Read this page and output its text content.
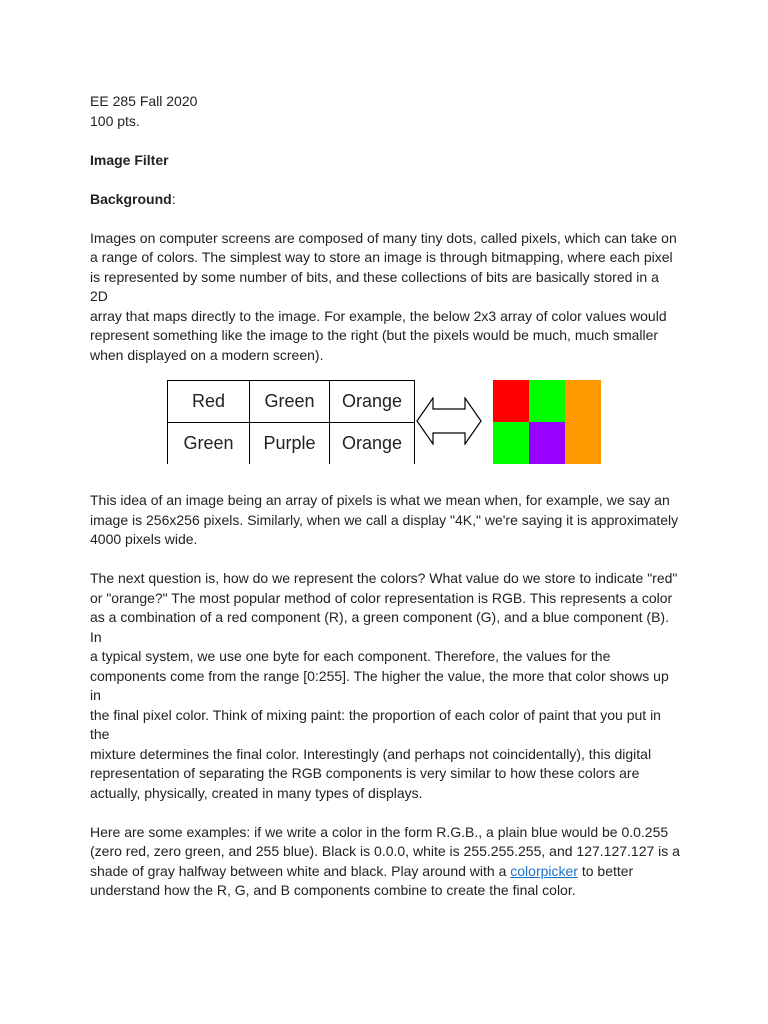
EE 285 Fall 2020
100 pts.
Image Filter
Background:

Images on computer screens are composed of many tiny dots, called pixels, which can take on
a range of colors. The simplest way to store an image is through bitmapping, where each pixel
is represented by some number of bits, and these collections of bits are basically stored in a 2D
array that maps directly to the image. For example, the below 2x3 array of color values would
represent something like the image to the right (but the pixels would be much, much smaller
when displayed on a modern screen).

Red	Green	Orange
Green	Purple	Orange

This idea of an image being an array of pixels is what we mean when, for example, we say an
image is 256x256 pixels. Similarly, when we call a display "4K," we're saying it is approximately
4000 pixels wide.

The next question is, how do we represent the colors? What value do we store to indicate "red"
or "orange?" The most popular method of color representation is RGB. This represents a color
as a combination of a red component (R), a green component (G), and a blue component (B). In
a typical system, we use one byte for each component. Therefore, the values for the
components come from the range [0:255]. The higher the value, the more that color shows up in
the final pixel color. Think of mixing paint: the proportion of each color of paint that you put in the
mixture determines the final color. Interestingly (and perhaps not coincidentally), this digital
representation of separating the RGB components is very similar to how these colors are
actually, physically, created in many types of displays.

Here are some examples: if we write a color in the form R.G.B., a plain blue would be 0.0.255
(zero red, zero green, and 255 blue). Black is 0.0.0, white is 255.255.255, and 127.127.127 is a
shade of gray halfway between white and black. Play around with a colorpicker to better
understand how the R, G, and B components combine to create the final color.
